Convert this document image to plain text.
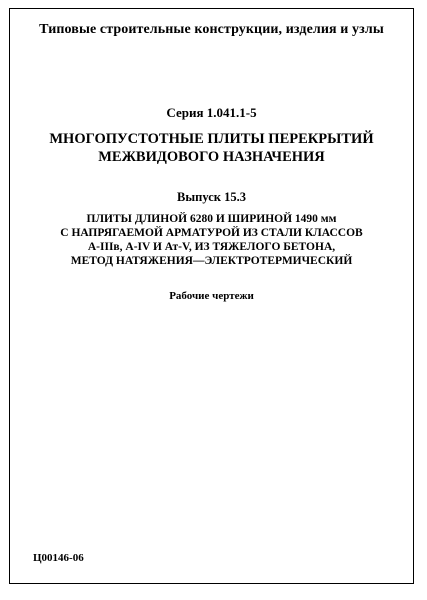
Типовые строительные конструкции, изделия и узлы
Серия 1.041.1-5
МНОГОПУСТОТНЫЕ ПЛИТЫ ПЕРЕКРЫТИЙ
МЕЖВИДОВОГО НАЗНАЧЕНИЯ
Выпуск 15.3
ПЛИТЫ ДЛИНОЙ 6280 И ШИРИНОЙ 1490 мм
С НАПРЯГАЕМОЙ АРМАТУРОЙ ИЗ СТАЛИ КЛАССОВ
А-IIIв, А-IV И Ат-V, ИЗ ТЯЖЕЛОГО БЕТОНА,
МЕТОД НАТЯЖЕНИЯ—ЭЛЕКТРОТЕРМИЧЕСКИЙ
Рабочие чертежи
Ц00146-06
